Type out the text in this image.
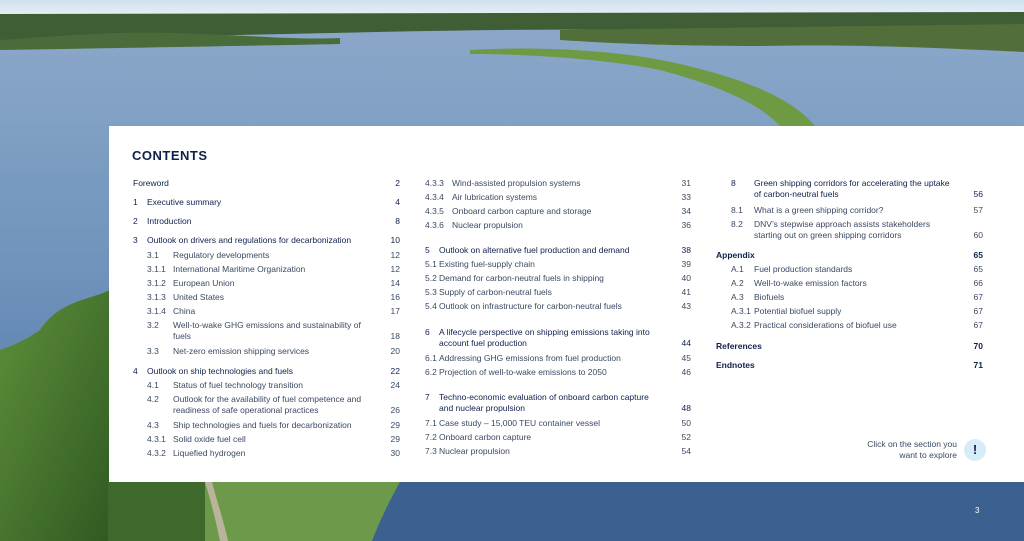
CONTENTS
Foreword	2
1 Executive summary	4
2 Introduction	8
3 Outlook on drivers and regulations for decarbonization	10
3.1 Regulatory developments	12
3.1.1 International Maritime Organization	12
3.1.2 European Union	14
3.1.3 United States	16
3.1.4 China	17
3.2 Well-to-wake GHG emissions and sustainability of fuels	18
3.3 Net-zero emission shipping services	20
4 Outlook on ship technologies and fuels	22
4.1 Status of fuel technology transition	24
4.2 Outlook for the availability of fuel competence and readiness of safe operational practices	26
4.3 Ship technologies and fuels for decarbonization	29
4.3.1 Solid oxide fuel cell	29
4.3.2 Liquefied hydrogen	30
4.3.3 Wind-assisted propulsion systems	31
4.3.4 Air lubrication systems	33
4.3.5 Onboard carbon capture and storage	34
4.3.6 Nuclear propulsion	36
5 Outlook on alternative fuel production and demand	38
5.1 Existing fuel-supply chain	39
5.2 Demand for carbon-neutral fuels in shipping	40
5.3 Supply of carbon-neutral fuels	41
5.4 Outlook on infrastructure for carbon-neutral fuels	43
6 A lifecycle perspective on shipping emissions taking into account fuel production	44
6.1 Addressing GHG emissions from fuel production	45
6.2 Projection of well-to-wake emissions to 2050	46
7 Techno-economic evaluation of onboard carbon capture and nuclear propulsion	48
7.1 Case study – 15,000 TEU container vessel	50
7.2 Onboard carbon capture	52
7.3 Nuclear propulsion	54
8 Green shipping corridors for accelerating the uptake of carbon-neutral fuels	56
8.1 What is a green shipping corridor?	57
8.2 DNV’s stepwise approach assists stakeholders starting out on green shipping corridors	60
Appendix	65
A.1 Fuel production standards	65
A.2 Well-to-wake emission factors	66
A.3 Biofuels	67
A.3.1 Potential biofuel supply	67
A.3.2 Practical considerations of biofuel use	67
References	70
Endnotes	71
Click on the section you want to explore	!
3
